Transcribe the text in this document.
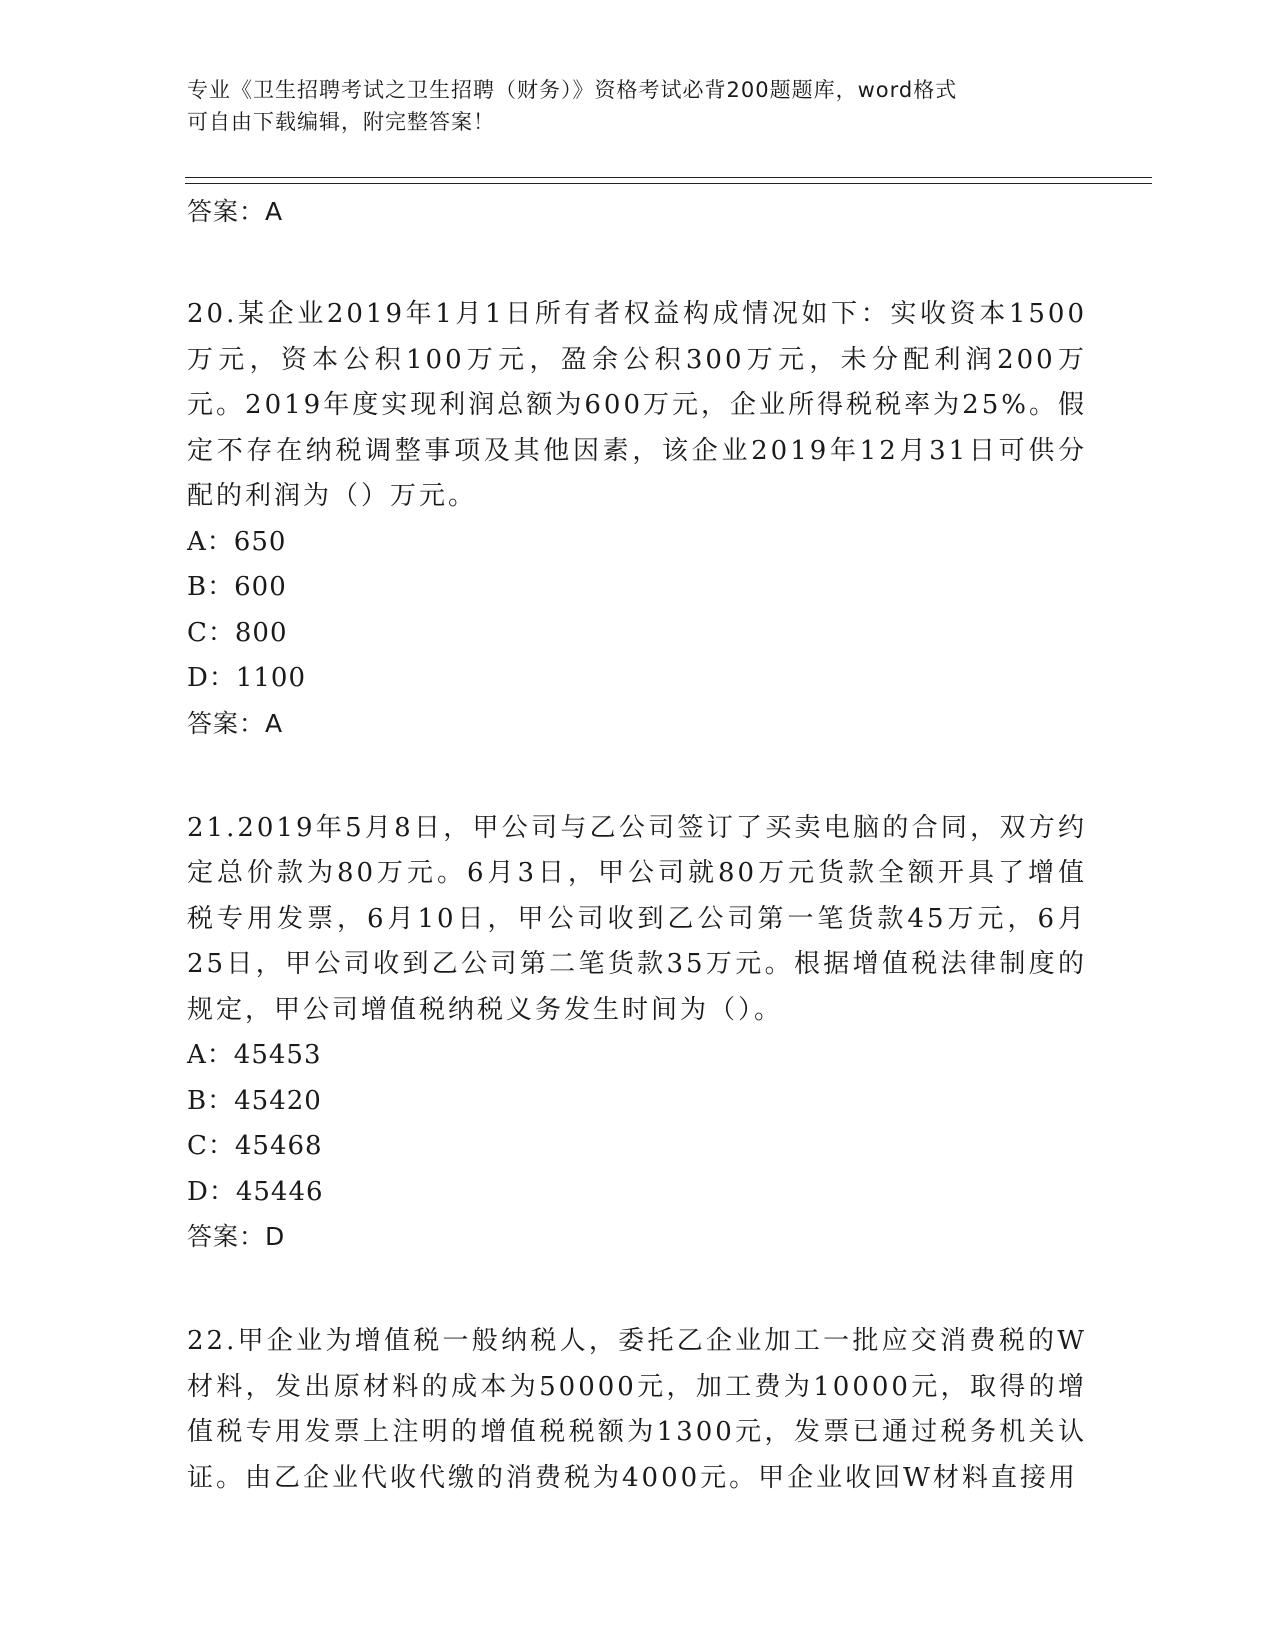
专业《卫生招聘考试之卫生招聘（财务）》资格考试必背200题题库，word格式
可自由下载编辑，附完整答案！
答案：A
20.某企业2019年1月1日所有者权益构成情况如下：实收资本1500万元，资本公积100万元，盈余公积300万元，未分配利润200万元。2019年度实现利润总额为600万元，企业所得税税率为25%。假定不存在纳税调整事项及其他因素，该企业2019年12月31日可供分配的利润为（）万元。
A：650
B：600
C：800
D：1100
答案：A
21.2019年5月8日，甲公司与乙公司签订了买卖电脑的合同，双方约定总价款为80万元。6月3日，甲公司就80万元货款全额开具了增值税专用发票，6月10日，甲公司收到乙公司第一笔货款45万元，6月25日，甲公司收到乙公司第二笔货款35万元。根据增值税法律制度的规定，甲公司增值税纳税义务发生时间为（）。
A：45453
B：45420
C：45468
D：45446
答案：D
22.甲企业为增值税一般纳税人，委托乙企业加工一批应交消费税的W材料，发出原材料的成本为50000元，加工费为10000元，取得的增值税专用发票上注明的增值税税额为1300元，发票已通过税务机关认证。由乙企业代收代缴的消费税为4000元。甲企业收回W材料直接用
